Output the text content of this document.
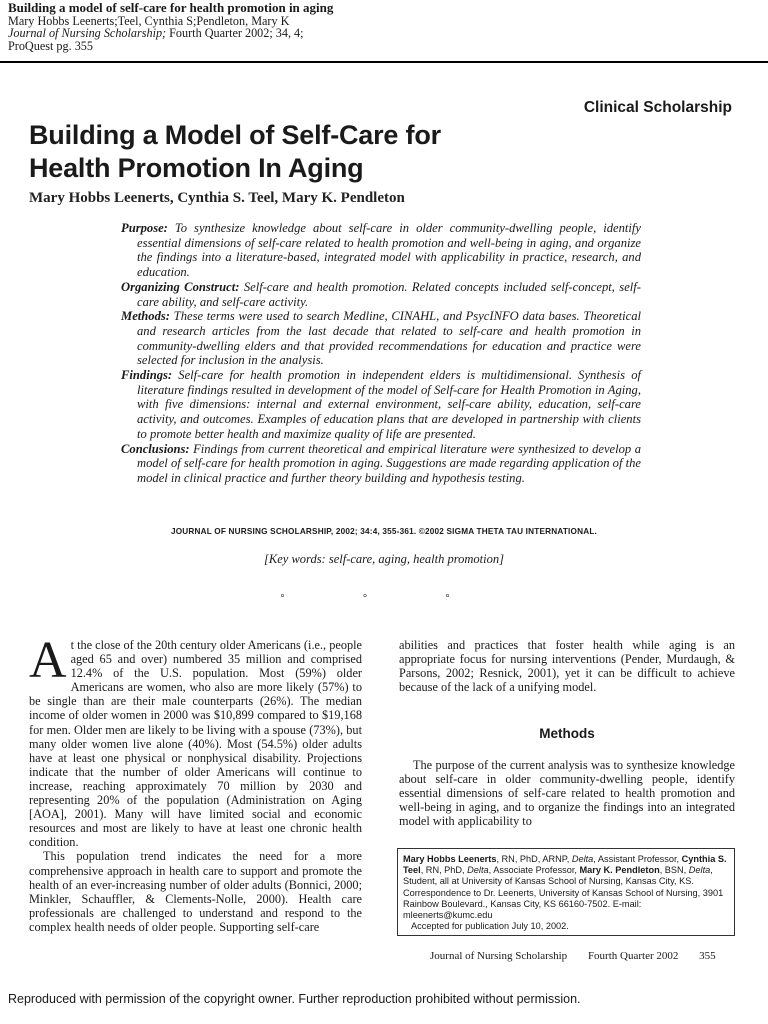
Building a model of self-care for health promotion in aging
Mary Hobbs Leenerts;Teel, Cynthia S;Pendleton, Mary K
Journal of Nursing Scholarship; Fourth Quarter 2002; 34, 4;
ProQuest pg. 355
Clinical Scholarship
Building a Model of Self-Care for
Health Promotion In Aging
Mary Hobbs Leenerts, Cynthia S. Teel, Mary K. Pendleton

Purpose: To synthesize knowledge about self-care in older community-dwelling people, identify essential dimensions of self-care related to health promotion and well-being in aging, and organize the findings into a literature-based, integrated model with applicability in practice, research, and education.

Organizing Construct: Self-care and health promotion. Related concepts included self-concept, self-care ability, and self-care activity.

Methods: These terms were used to search Medline, CINAHL, and PsycINFO data bases. Theoretical and research articles from the last decade that related to self-care and health promotion in community-dwelling elders and that provided recommendations for education and practice were selected for inclusion in the analysis.

Findings: Self-care for health promotion in independent elders is multidimensional. Synthesis of literature findings resulted in development of the model of Self-care for Health Promotion in Aging, with five dimensions: internal and external environment, self-care ability, education, self-care activity, and outcomes. Examples of education plans that are developed in partnership with clients to promote better health and maximize quality of life are presented.

Conclusions: Findings from current theoretical and empirical literature were synthesized to develop a model of self-care for health promotion in aging. Suggestions are made regarding application of the model in clinical practice and further theory building and hypothesis testing.

JOURNAL OF NURSING SCHOLARSHIP, 2002; 34:4, 355-361. ©2002 SIGMA THETA TAU INTERNATIONAL.
[Key words: self-care, aging, health promotion]
° ° °

At the close of the 20th century older Americans (i.e., people aged 65 and over) numbered 35 million and comprised 12.4% of the U.S. population. Most (59%) older Americans are women, who also are more likely (57%) to be single than are their male counterparts (26%). The median income of older women in 2000 was $10,899 compared to $19,168 for men. Older men are likely to be living with a spouse (73%), but many older women live alone (40%). Most (54.5%) older adults have at least one physical or nonphysical disability. Projections indicate that the number of older Americans will continue to increase, reaching approximately 70 million by 2030 and representing 20% of the population (Administration on Aging [AOA], 2001). Many will have limited social and economic resources and most are likely to have at least one chronic health condition.

This population trend indicates the need for a more comprehensive approach in health care to support and promote the health of an ever-increasing number of older adults (Bonnici, 2000; Minkler, Schauffler, & Clements-Nolle, 2000). Health care professionals are challenged to understand and respond to the complex health needs of older people. Supporting self-care

abilities and practices that foster health while aging is an appropriate focus for nursing interventions (Pender, Murdaugh, & Parsons, 2002; Resnick, 2001), yet it can be difficult to achieve because of the lack of a unifying model.

Methods

The purpose of the current analysis was to synthesize knowledge about self-care in older community-dwelling people, identify essential dimensions of self-care related to health promotion and well-being in aging, and to organize the findings into an integrated model with applicability to

Mary Hobbs Leenerts, RN, PhD, ARNP, Delta, Assistant Professor, Cynthia S. Teel, RN, PhD, Delta, Associate Professor, Mary K. Pendleton, BSN, Delta, Student, all at University of Kansas School of Nursing, Kansas City, KS. Correspondence to Dr. Leenerts, University of Kansas School of Nursing, 3901 Rainbow Boulevard., Kansas City, KS 66160-7502. E-mail: mleenerts@kumc.edu
Accepted for publication July 10, 2002.
Journal of Nursing Scholarship Fourth Quarter 2002 355
Reproduced with permission of the copyright owner. Further reproduction prohibited without permission.
